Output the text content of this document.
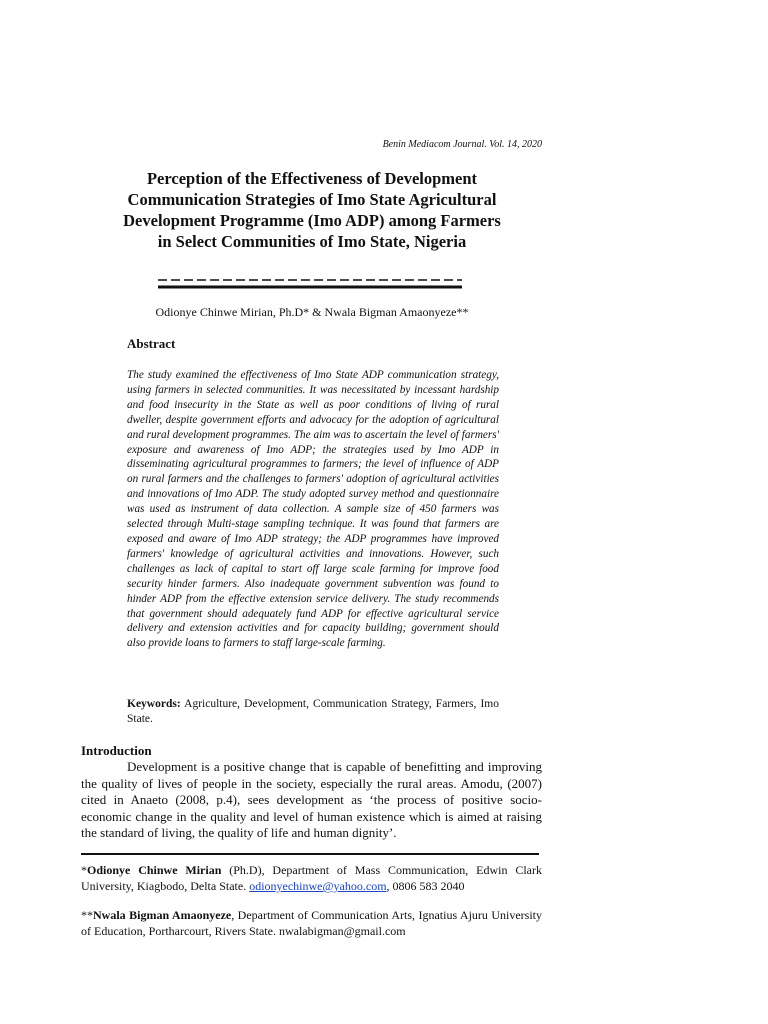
Benin Mediacom Journal. Vol. 14, 2020
Perception of the Effectiveness of Development Communication Strategies of Imo State Agricultural Development Programme (Imo ADP) among Farmers in Select Communities of Imo State, Nigeria
Odionye Chinwe Mirian, Ph.D* & Nwala Bigman Amaonyeze**
Abstract

The study examined the effectiveness of Imo State ADP communication strategy, using farmers in selected communities. It was necessitated by incessant hardship and food insecurity in the State as well as poor conditions of living of rural dweller, despite government efforts and advocacy for the adoption of agricultural and rural development programmes. The aim was to ascertain the level of farmers' exposure and awareness of Imo ADP; the strategies used by Imo ADP in disseminating agricultural programmes to farmers; the level of influence of ADP on rural farmers and the challenges to farmers' adoption of agricultural activities and innovations of Imo ADP. The study adopted survey method and questionnaire was used as instrument of data collection. A sample size of 450 farmers was selected through Multi-stage sampling technique. It was found that farmers are exposed and aware of Imo ADP strategy; the ADP programmes have improved farmers' knowledge of agricultural activities and innovations. However, such challenges as lack of capital to start off large scale farming for improve food security hinder farmers. Also inadequate government subvention was found to hinder ADP from the effective extension service delivery. The study recommends that government should adequately fund ADP for effective agricultural service delivery and extension activities and for capacity building; government should also provide loans to farmers to staff large-scale farming.

Keywords: Agriculture, Development, Communication Strategy, Farmers, Imo State.

Introduction

Development is a positive change that is capable of benefitting and improving the quality of lives of people in the society, especially the rural areas. Amodu, (2007) cited in Anaeto (2008, p.4), sees development as ‘the process of positive socio-economic change in the quality and level of human existence which is aimed at raising the standard of living, the quality of life and human dignity’.

*Odionye Chinwe Mirian (Ph.D), Department of Mass Communication, Edwin Clark University, Kiagbodo, Delta State. odionyechinwe@yahoo.com, 0806 583 2040

**Nwala Bigman Amaonyeze, Department of Communication Arts, Ignatius Ajuru University of Education, Portharcourt, Rivers State. nwalabigman@gmail.com
